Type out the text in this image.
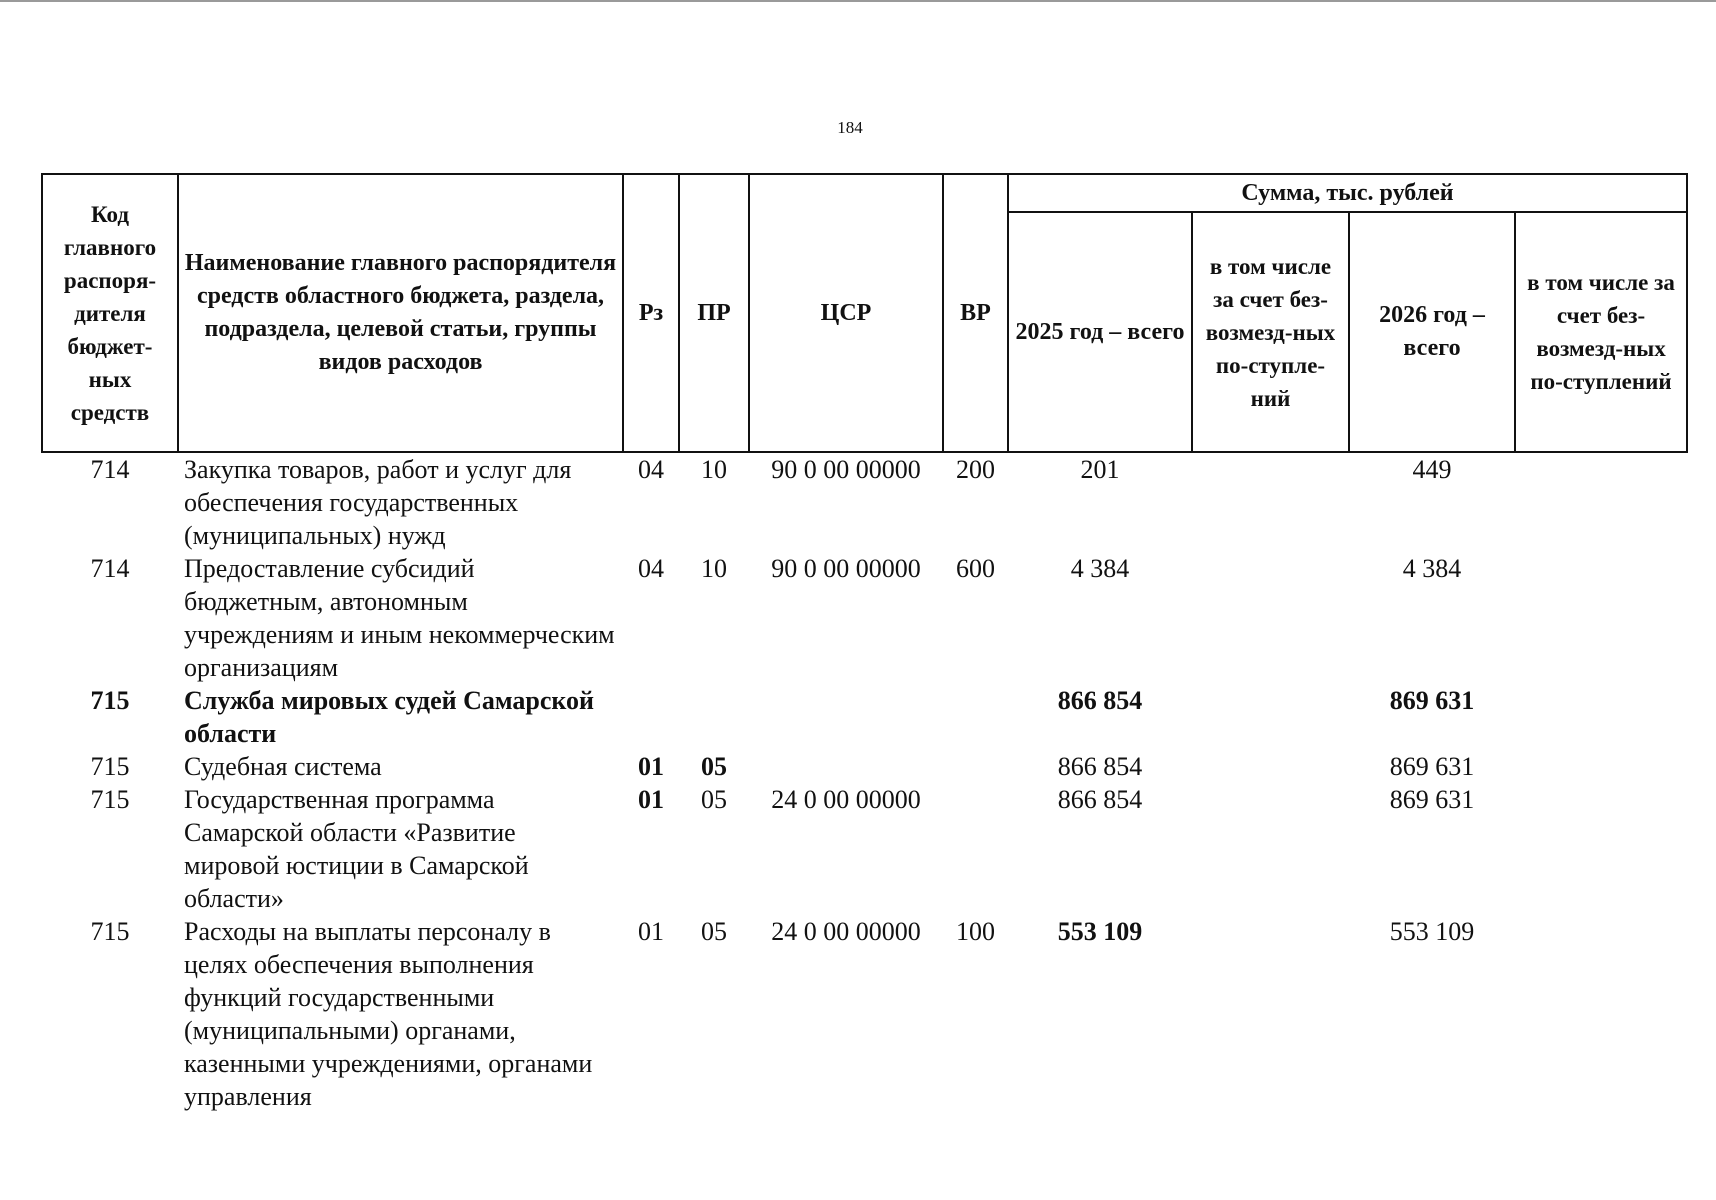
184
Код главного распоря-дителя бюджет-ных средств	Наименование главного распорядителя средств областного бюджета, раздела, подраздела, целевой статьи, группы видов расходов	Рз	ПР	ЦСР	ВР	Сумма, тыс. рублей			
						2025 год – всего	в том числе за счет без-возмезд-ных по-ступле-ний	2026 год – всего	в том числе за счет без-возмезд-ных по-ступлений
714	Закупка товаров, работ и услуг для обеспечения государственных (муниципальных) нужд	04	10	90 0 00 00000	200	201		449	
714	Предоставление субсидий бюджетным, автономным учреждениям и иным некоммерческим организациям	04	10	90 0 00 00000	600	4 384		4 384	
715	Служба мировых судей Самарской области					866 854		869 631	
715	Судебная система	01	05			866 854		869 631	
715	Государственная программа Самарской области «Развитие мировой юстиции в Самарской области»	01	05	24 0 00 00000		866 854		869 631	
715	Расходы на выплаты персоналу в целях обеспечения выполнения функций государственными (муниципальными) органами, казенными учреждениями, органами управления	01	05	24 0 00 00000	100	553 109		553 109	
